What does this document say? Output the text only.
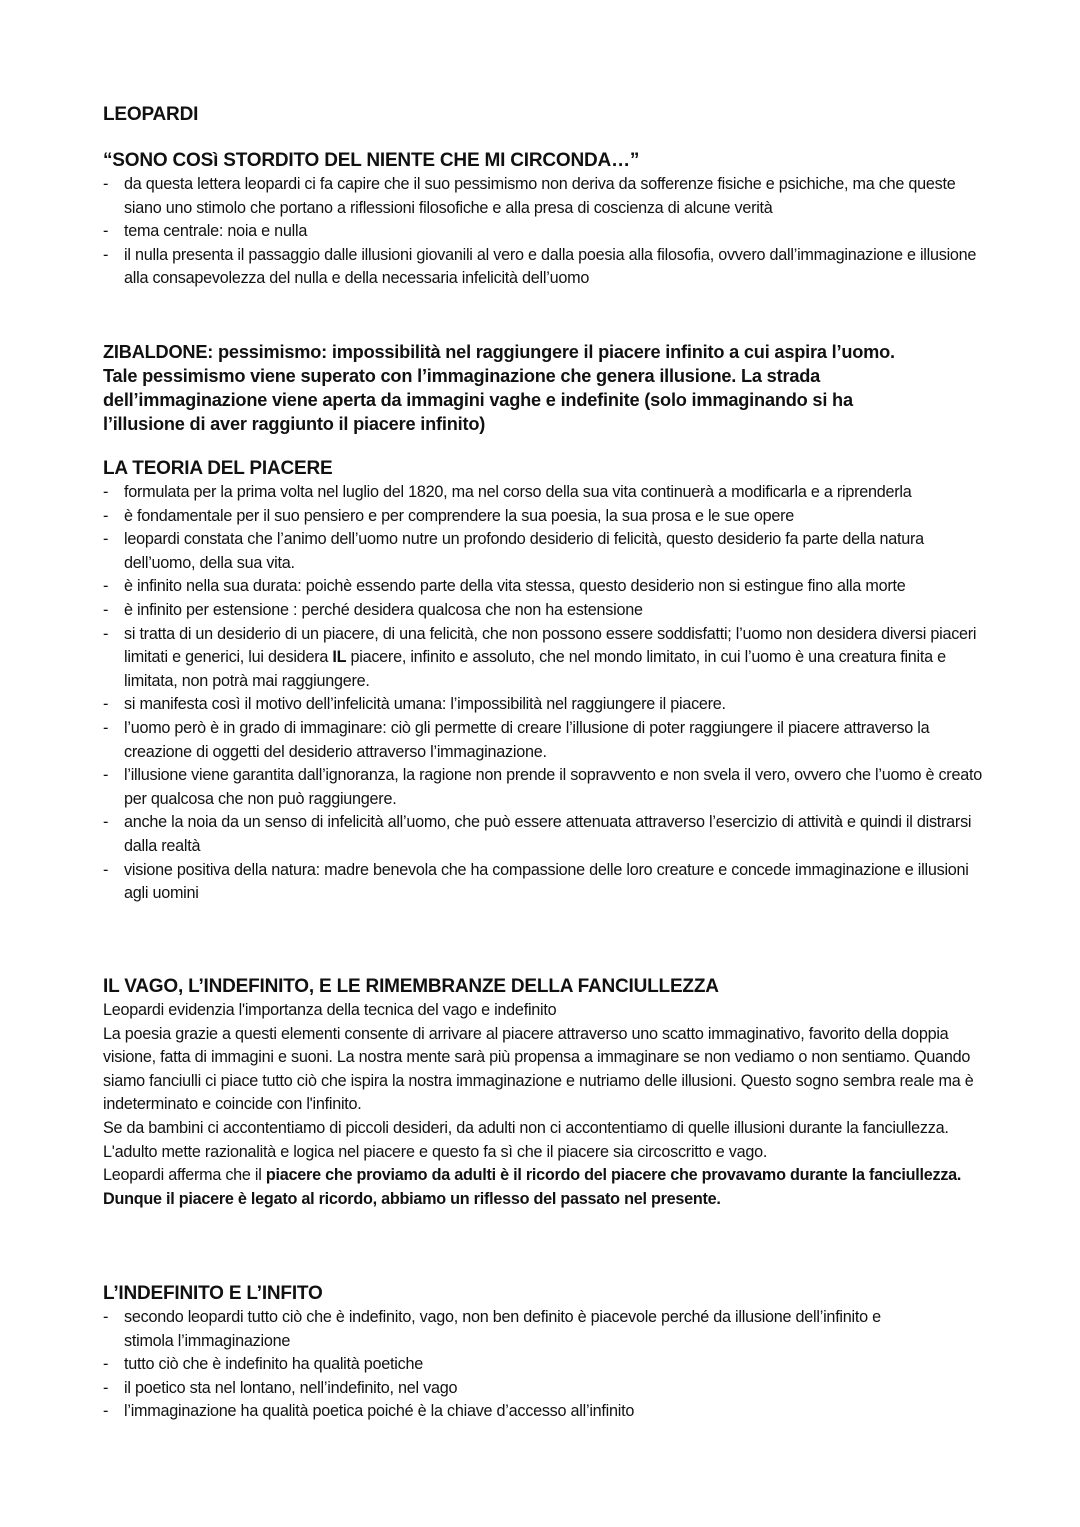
LEOPARDI
“SONO COSì STORDITO DEL NIENTE CHE MI CIRCONDA…”
- da questa lettera leopardi ci fa capire che il suo pessimismo non deriva da sofferenze fisiche e psichiche, ma che queste siano uno stimolo che portano a riflessioni filosofiche e alla presa di coscienza di alcune verità
- tema centrale: noia e nulla
- il nulla presenta il passaggio dalle illusioni giovanili al vero e dalla poesia alla filosofia, ovvero dall’immaginazione e illusione alla consapevolezza del nulla e della necessaria infelicità dell’uomo

ZIBALDONE: pessimismo: impossibilità nel raggiungere il piacere infinito a cui aspira l’uomo. Tale pessimismo viene superato con l’immaginazione che genera illusione. La strada dell’immaginazione viene aperta da immagini vaghe e indefinite (solo immaginando si ha l’illusione di aver raggiunto il piacere infinito)

LA TEORIA DEL PIACERE
- formulata per la prima volta nel luglio del 1820, ma nel corso della sua vita continuerà a modificarla e a riprenderla
- è fondamentale per il suo pensiero e per comprendere la sua poesia, la sua prosa e le sue opere
- leopardi constata che l’animo dell’uomo nutre un profondo desiderio di felicità, questo desiderio fa parte della natura dell’uomo, della sua vita.
- è infinito nella sua durata: poichè essendo parte della vita stessa, questo desiderio non si estingue fino alla morte
- è infinito per estensione : perché desidera qualcosa che non ha estensione
- si tratta di un desiderio di un piacere, di una felicità, che non possono essere soddisfatti; l’uomo non desidera diversi piaceri limitati e generici, lui desidera IL piacere, infinito e assoluto, che nel mondo limitato, in cui l’uomo è una creatura finita e limitata, non potrà mai raggiungere.
- si manifesta così il motivo dell’infelicità umana: l’impossibilità nel raggiungere il piacere.
- l’uomo però è in grado di immaginare: ciò gli permette di creare l’illusione di poter raggiungere il piacere attraverso la creazione di oggetti del desiderio attraverso l’immaginazione.
- l’illusione viene garantita dall’ignoranza, la ragione non prende il sopravvento e non svela il vero, ovvero che l’uomo è creato per qualcosa che non può raggiungere.
- anche la noia da un senso di infelicità all’uomo, che può essere attenuata attraverso l’esercizio di attività e quindi il distrarsi dalla realtà
- visione positiva della natura: madre benevola che ha compassione delle loro creature e concede immaginazione e illusioni agli uomini
IL VAGO, L’INDEFINITO, E LE RIMEMBRANZE DELLA FANCIULLEZZA

Leopardi evidenzia l'importanza della tecnica del vago e indefinito

La poesia grazie a questi elementi consente di arrivare al piacere attraverso uno scatto immaginativo, favorito della doppia visione, fatta di immagini e suoni. La nostra mente sarà più propensa a immaginare se non vediamo o non sentiamo. Quando siamo fanciulli ci piace tutto ciò che ispira la nostra immaginazione e nutriamo delle illusioni. Questo sogno sembra reale ma è indeterminato e coincide con l'infinito.

Se da bambini ci accontentiamo di piccoli desideri, da adulti non ci accontentiamo di quelle illusioni durante la fanciullezza.

L'adulto mette razionalità e logica nel piacere e questo fa sì che il piacere sia circoscritto e vago.

Leopardi afferma che il piacere che proviamo da adulti è il ricordo del piacere che provavamo durante la fanciullezza.

Dunque il piacere è legato al ricordo, abbiamo un riflesso del passato nel presente.

L’INDEFINITO E L’INFITO
- secondo leopardi tutto ciò che è indefinito, vago, non ben definito è piacevole perché da illusione dell’infinito e stimola l’immaginazione
- tutto ciò che è indefinito ha qualità poetiche
- il poetico sta nel lontano, nell’indefinito, nel vago
- l’immaginazione ha qualità poetica poiché è la chiave d’accesso all’infinito
